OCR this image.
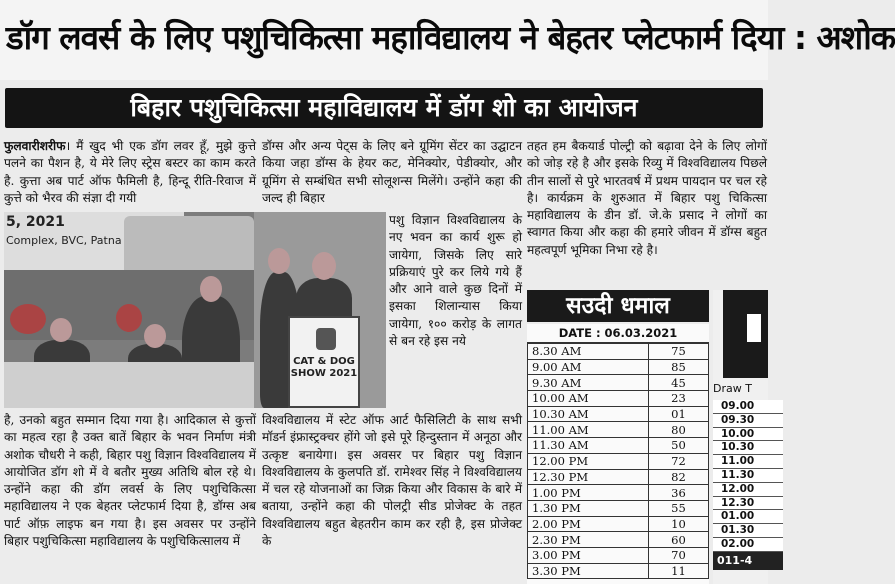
डॉग लवर्स के लिए पशुचिकित्सा महाविद्यालय ने बेहतर प्लेटफार्म दिया : अशोक
बिहार पशुचिकित्सा महाविद्यालय में डॉग शो का आयोजन

फुलवारीशरीफ। मैं खुद भी एक डॉग लवर हूँ, मुझे कुत्ते पलने का पैशन है, ये मेरे लिए स्ट्रेस बस्टर का काम करते है. कुत्ता अब पार्ट ऑफ फैमिली है, हिन्दू रीति-रिवाज में कुत्ते को भैरव की संज्ञा दी गयी

5, 2021
Complex, BVC, Patna
CAT & DOG SHOW 2021

है, उनको बहुत सम्मान दिया गया है। आदिकाल से कुत्तों का महत्व रहा है उक्त बातें बिहार के भवन निर्माण मंत्री अशोक चौधरी ने कही, बिहार पशु विज्ञान विश्वविद्यालय में आयोजित डॉग शो में वे बतौर मुख्य अतिथि बोल रहे थे। उन्होंने कहा की डॉग लवर्स के लिए पशुचिकित्सा महाविद्यालय ने एक बेहतर प्लेटफार्म दिया है, डॉग्स अब पार्ट ऑफ़ लाइफ बन गया है। इस अवसर पर उन्होंने बिहार पशुचिकित्सा महाविद्यालय के पशुचिकित्सालय में

डॉग्स और अन्य पेट्स के लिए बने ग्रूमिंग सेंटर का उद्घाटन किया जहा डॉग्स के हेयर कट, मेनिक्योर, पेडीक्योर, और ग्रूमिंग से सम्बंधित सभी सोलूशन्स मिलेंगे। उन्होंने कहा की जल्द ही बिहार

पशु विज्ञान विश्वविद्यालय के नए भवन का कार्य शुरू हो जायेगा, जिसके लिए सारे प्रक्रियाएं पुरे कर लिये गये हैं और आने वाले कुछ दिनों में इसका शिलान्यास किया जायेगा, १०० करोड़ के लागत से बन रहे इस नये

विश्वविद्यालय में स्टेट ऑफ आर्ट फैसिलिटी के साथ सभी मॉडर्न इंफ्रास्ट्रक्चर होंगे जो इसे पूरे हिन्दुस्तान में अनूठा और उत्कृष्ट बनायेगा। इस अवसर पर बिहार पशु विज्ञान विश्वविद्यालय के कुलपति डॉ. रामेश्वर सिंह ने विश्वविद्यालय में चल रहे योजनाओं का जिक्र किया और विकास के बारे में बताया, उन्होंने कहा की पोलट्री सीड प्रोजेक्ट के तहत विश्वविद्यालय बहुत बेहतरीन काम कर रही है, इस प्रोजेक्ट के

तहत हम बैकयार्ड पोल्ट्री को बढ़ावा देने के लिए लोगों को जोड़ रहे है और इसके रिव्यु में विश्वविद्यालय पिछले तीन सालों से पुरे भारतवर्ष में प्रथम पायदान पर चल रहे है। कार्यक्रम के शुरुआत में बिहार पशु चिकित्सा महाविद्यालय के डीन डॉ. जे.के प्रसाद ने लोगों का स्वागत किया और कहा की हमारे जीवन में डॉग्स बहुत महत्वपूर्ण भूमिका निभा रहे है।

सउदी धमाल
DATE : 06.03.2021
8.30 AM	75
9.00 AM	85
9.30 AM	45
10.00 AM	23
10.30 AM	01
11.00 AM	80
11.30 AM	50
12.00 PM	72
12.30 PM	82
1.00 PM	36
1.30 PM	55
2.00 PM	10
2.30 PM	60
3.00 PM	70
3.30 PM	11
Draw T
09.00
09.30
10.00
10.30
11.00
11.30
12.00
12.30
01.00
01.30
02.00
011-4
